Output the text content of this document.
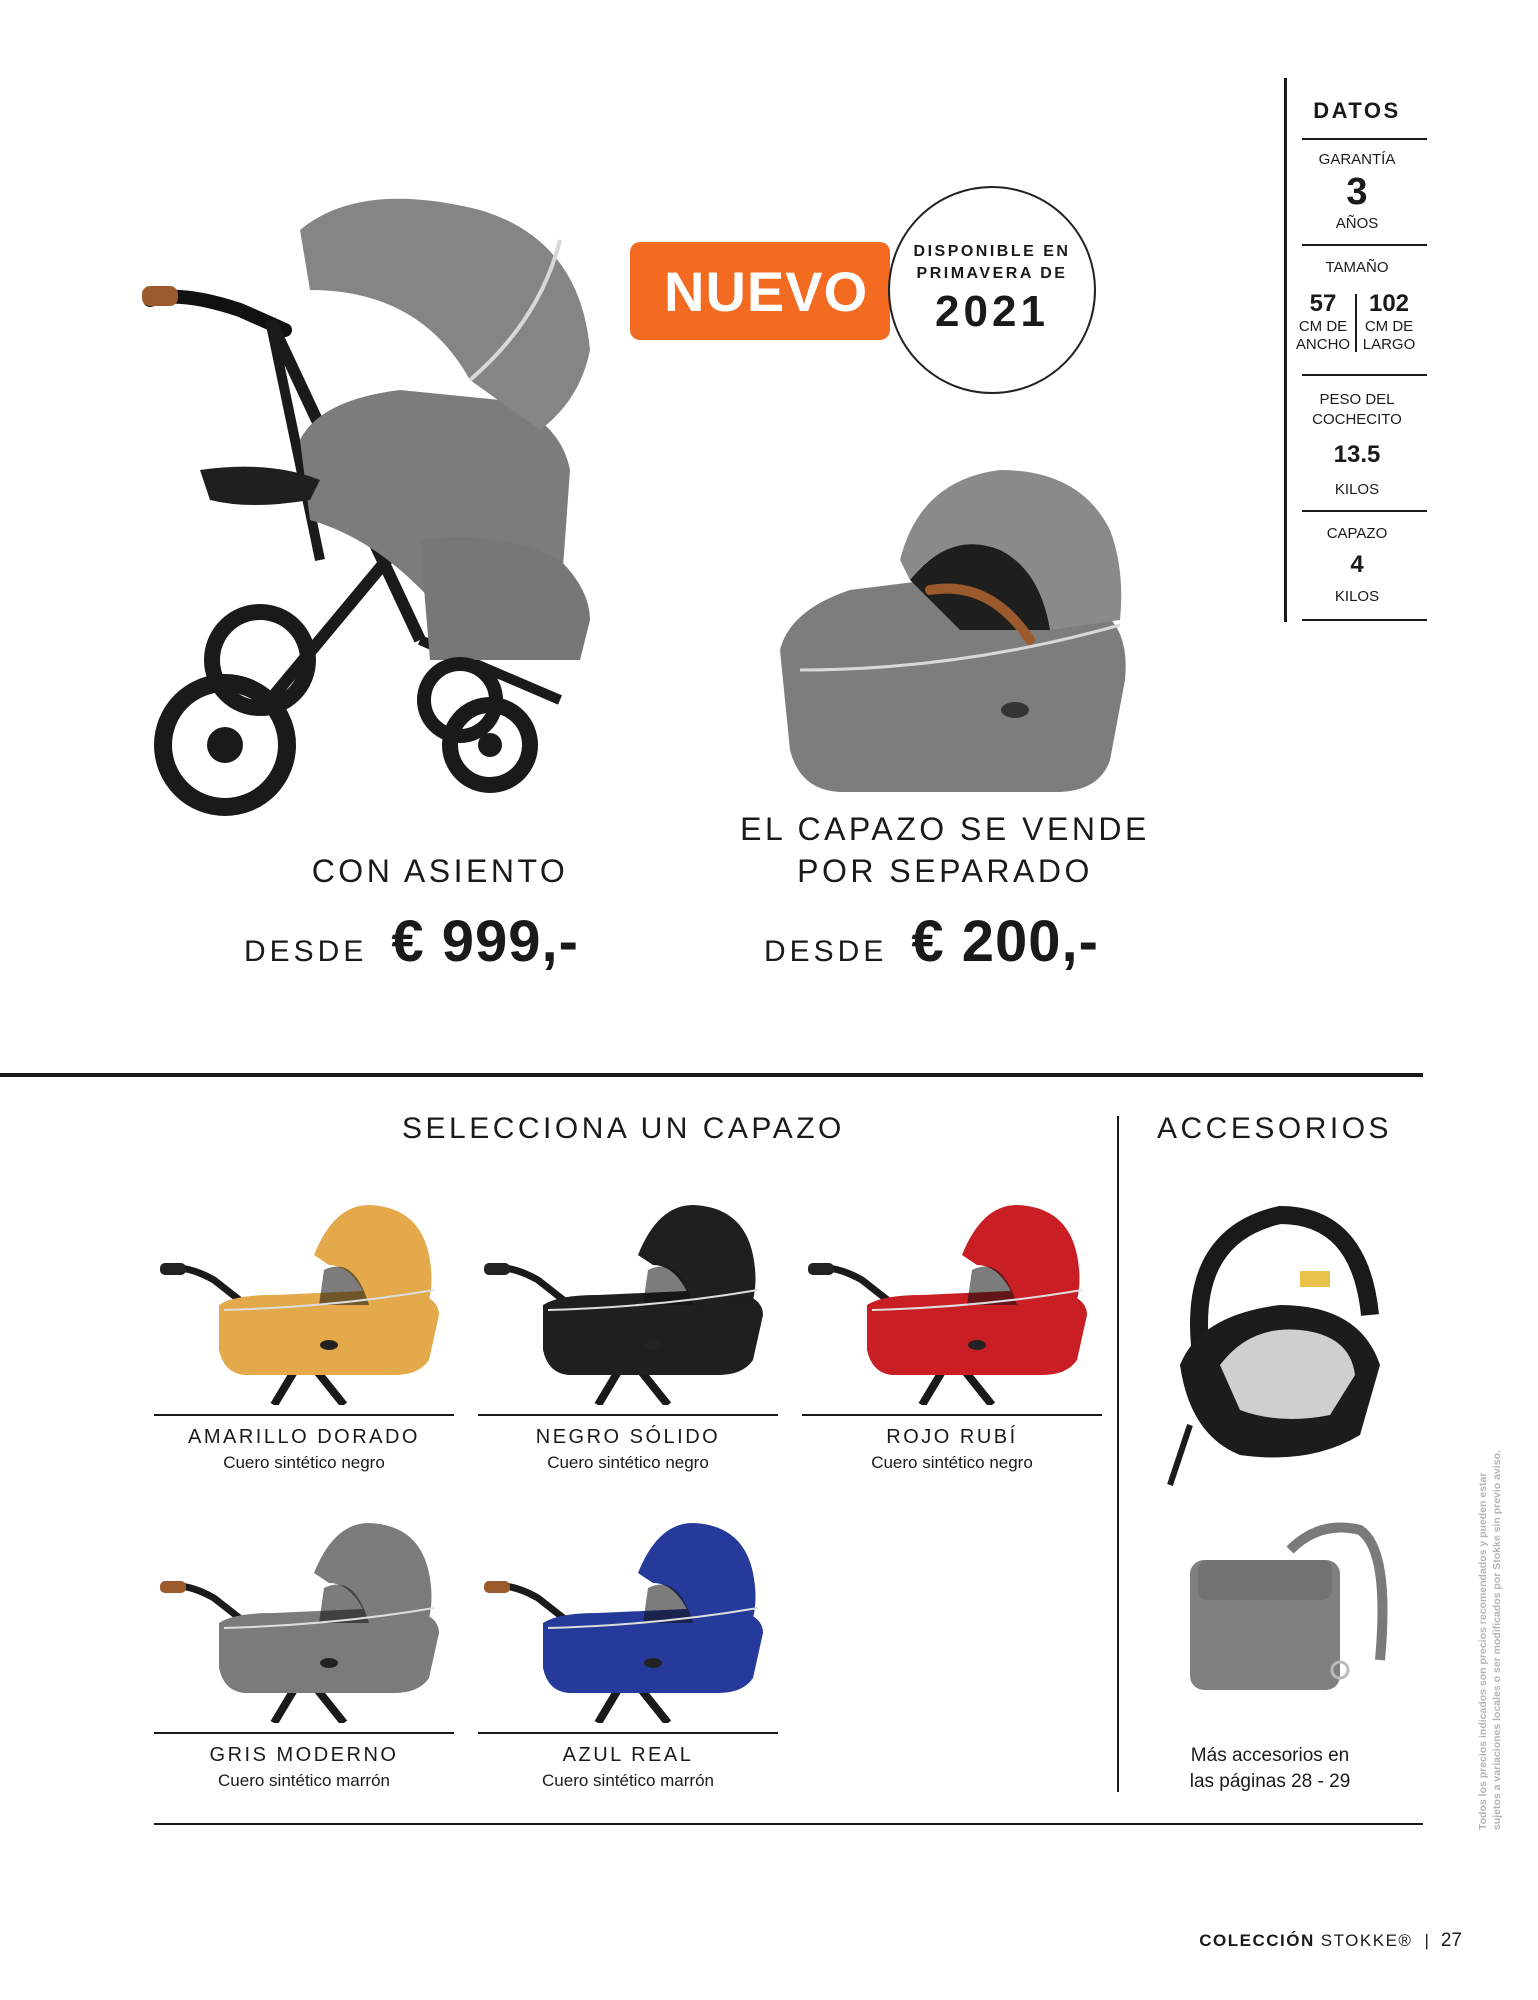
NUEVO
DISPONIBLE EN
PRIMAVERA DE
2021
DATOS
GARANTÍA
3
AÑOS
TAMAÑO
57
CM DE
ANCHO
102
CM DE
LARGO
PESO DEL
COCHECITO
13.5
KILOS
CAPAZO
4
KILOS
CON ASIENTO
DESDE € 999,-
EL CAPAZO SE VENDE
POR SEPARADO
DESDE € 200,-
SELECCIONA UN CAPAZO	ACCESORIOS
AMARILLO DORADO
Cuero sintético negro
NEGRO SÓLIDO
Cuero sintético negro
ROJO RUBÍ
Cuero sintético negro
GRIS MODERNO
Cuero sintético marrón
AZUL REAL
Cuero sintético marrón
Más accesorios en
las páginas 28 - 29	Todos los precios indicados son precios recomendados y pueden estar sujetos a variaciones locales o ser modificados por Stokke sin previo aviso.
COLECCIÓN STOKKE® | 27
